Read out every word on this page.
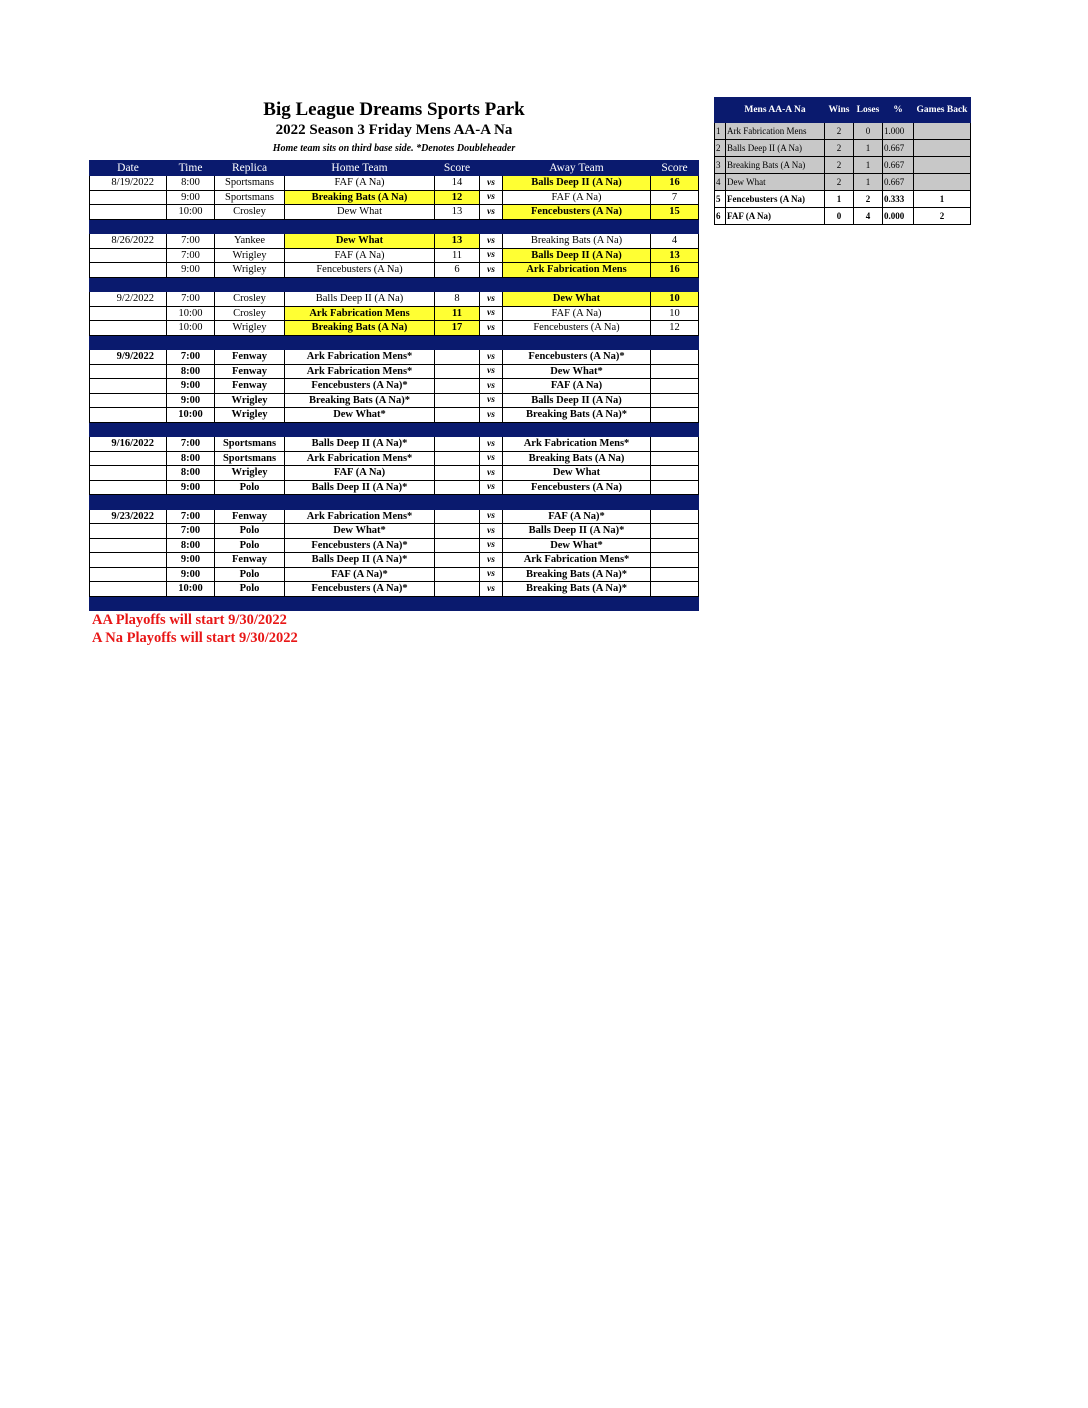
Big League Dreams Sports Park
2022 Season 3 Friday Mens AA-A Na
Home team sits on third base side. *Denotes Doubleheader
Date	Time	Replica	Home Team	Score		Away Team	Score
8/19/2022	8:00	Sportsmans	FAF (A Na)	14	vs	Balls Deep II (A Na)	16
	9:00	Sportsmans	Breaking Bats (A Na)	12	vs	FAF (A Na)	7
	10:00	Crosley	Dew What	13	vs	Fencebusters (A Na)	15

8/26/2022	7:00	Yankee	Dew What	13	vs	Breaking Bats (A Na)	4
	7:00	Wrigley	FAF (A Na)	11	vs	Balls Deep II (A Na)	13
	9:00	Wrigley	Fencebusters (A Na)	6	vs	Ark Fabrication Mens	16

9/2/2022	7:00	Crosley	Balls Deep II (A Na)	8	vs	Dew What	10
	10:00	Crosley	Ark Fabrication Mens	11	vs	FAF (A Na)	10
	10:00	Wrigley	Breaking Bats (A Na)	17	vs	Fencebusters (A Na)	12

9/9/2022	7:00	Fenway	Ark Fabrication Mens*		vs	Fencebusters (A Na)*	
	8:00	Fenway	Ark Fabrication Mens*		vs	Dew What*	
	9:00	Fenway	Fencebusters (A Na)*		vs	FAF (A Na)	
	9:00	Wrigley	Breaking Bats (A Na)*		vs	Balls Deep II (A Na)	
	10:00	Wrigley	Dew What*		vs	Breaking Bats (A Na)*	

9/16/2022	7:00	Sportsmans	Balls Deep II (A Na)*		vs	Ark Fabrication Mens*	
	8:00	Sportsmans	Ark Fabrication Mens*		vs	Breaking Bats (A Na)	
	8:00	Wrigley	FAF (A Na)		vs	Dew What	
	9:00	Polo	Balls Deep II (A Na)*		vs	Fencebusters (A Na)	

9/23/2022	7:00	Fenway	Ark Fabrication Mens*		vs	FAF (A Na)*	
	7:00	Polo	Dew What*		vs	Balls Deep II (A Na)*	
	8:00	Polo	Fencebusters (A Na)*		vs	Dew What*	
	9:00	Fenway	Balls Deep II (A Na)*		vs	Ark Fabrication Mens*	
	9:00	Polo	FAF (A Na)*		vs	Breaking Bats (A Na)*	
	10:00	Polo	Fencebusters (A Na)*		vs	Breaking Bats (A Na)*	

	Mens AA-A Na	Wins	Loses	%	Games Back
1	Ark Fabrication Mens	2	0	1.000	
2	Balls Deep II (A Na)	2	1	0.667	
3	Breaking Bats (A Na)	2	1	0.667	
4	Dew What	2	1	0.667	
5	Fencebusters (A Na)	1	2	0.333	1
6	FAF (A Na)	0	4	0.000	2
AA Playoffs will start 9/30/2022
A Na Playoffs will start 9/30/2022
